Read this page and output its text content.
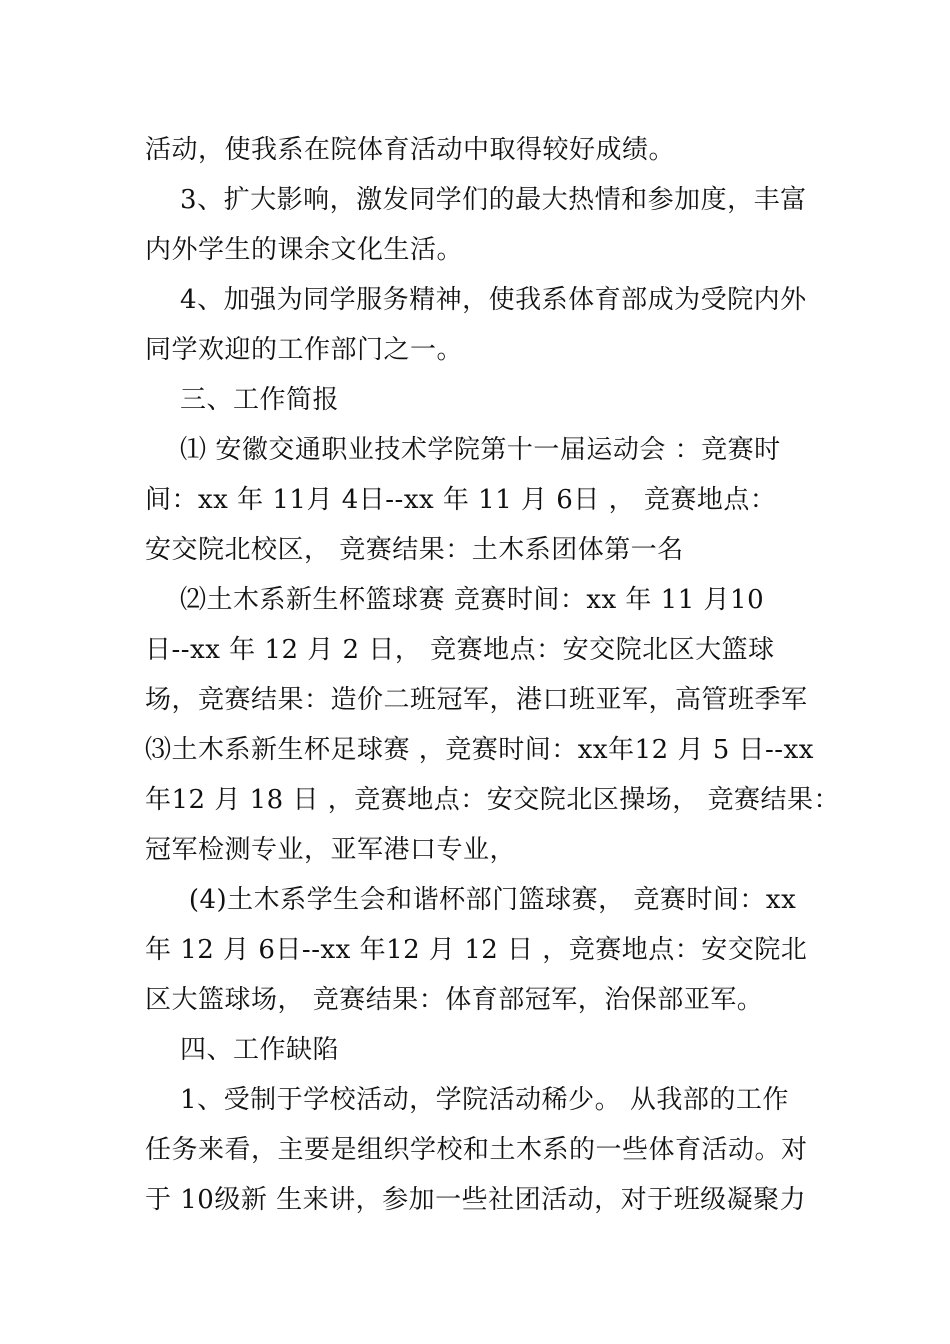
活动，使我系在院体育活动中取得较好成绩。
3、扩大影响，激发同学们的最大热情和参加度，丰富
内外学生的课余文化生活。
4、加强为同学服务精神，使我系体育部成为受院内外
同学欢迎的工作部门之一。
三、工作简报
⑴ 安徽交通职业技术学院第十一届运动会 ：竞赛时
间：xx 年 11月 4日--xx 年 11 月 6日 ， 竞赛地点：
安交院北校区， 竞赛结果：土木系团体第一名
⑵土木系新生杯篮球赛 竞赛时间：xx 年 11 月10
日--xx 年 12 月 2 日， 竞赛地点：安交院北区大篮球
场，竞赛结果：造价二班冠军，港口班亚军，高管班季军
⑶土木系新生杯足球赛 ，竞赛时间：xx年12 月 5 日--xx
年12 月 18 日 ，竞赛地点：安交院北区操场， 竞赛结果：
冠军检测专业，亚军港口专业，
(4)土木系学生会和谐杯部门篮球赛， 竞赛时间：xx
年 12 月 6日--xx 年12 月 12 日 ，竞赛地点：安交院北
区大篮球场， 竞赛结果：体育部冠军，治保部亚军。
四、工作缺陷
1、受制于学校活动，学院活动稀少。 从我部的工作
任务来看，主要是组织学校和土木系的一些体育活动。对
于 10级新 生来讲，参加一些社团活动，对于班级凝聚力
